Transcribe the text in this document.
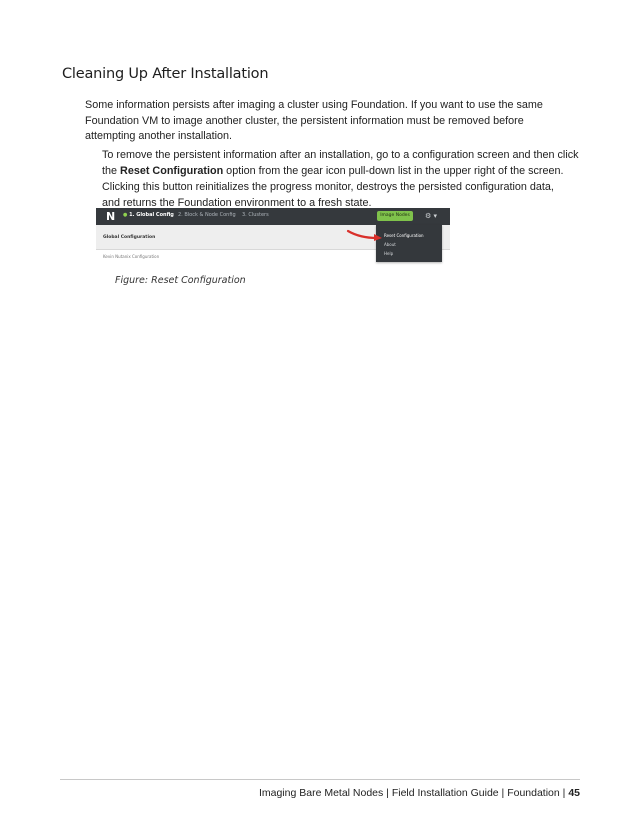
Cleaning Up After Installation
Some information persists after imaging a cluster using Foundation. If you want to use the same Foundation VM to image another cluster, the persistent information must be removed before attempting another installation.
To remove the persistent information after an installation, go to a configuration screen and then click the Reset Configuration option from the gear icon pull-down list in the upper right of the screen.
Clicking this button reinitializes the progress monitor, destroys the persisted configuration data, and returns the Foundation environment to a fresh state.
N	● 1. Global Config 2. Block & Node Config 3. Clusters	Image Nodes	⚙ ▾
Global Configuration
Kevin Nutanix Configuration
Reset Configuration
About
Help
Figure: Reset Configuration
Imaging Bare Metal Nodes | Field Installation Guide | Foundation | 45
